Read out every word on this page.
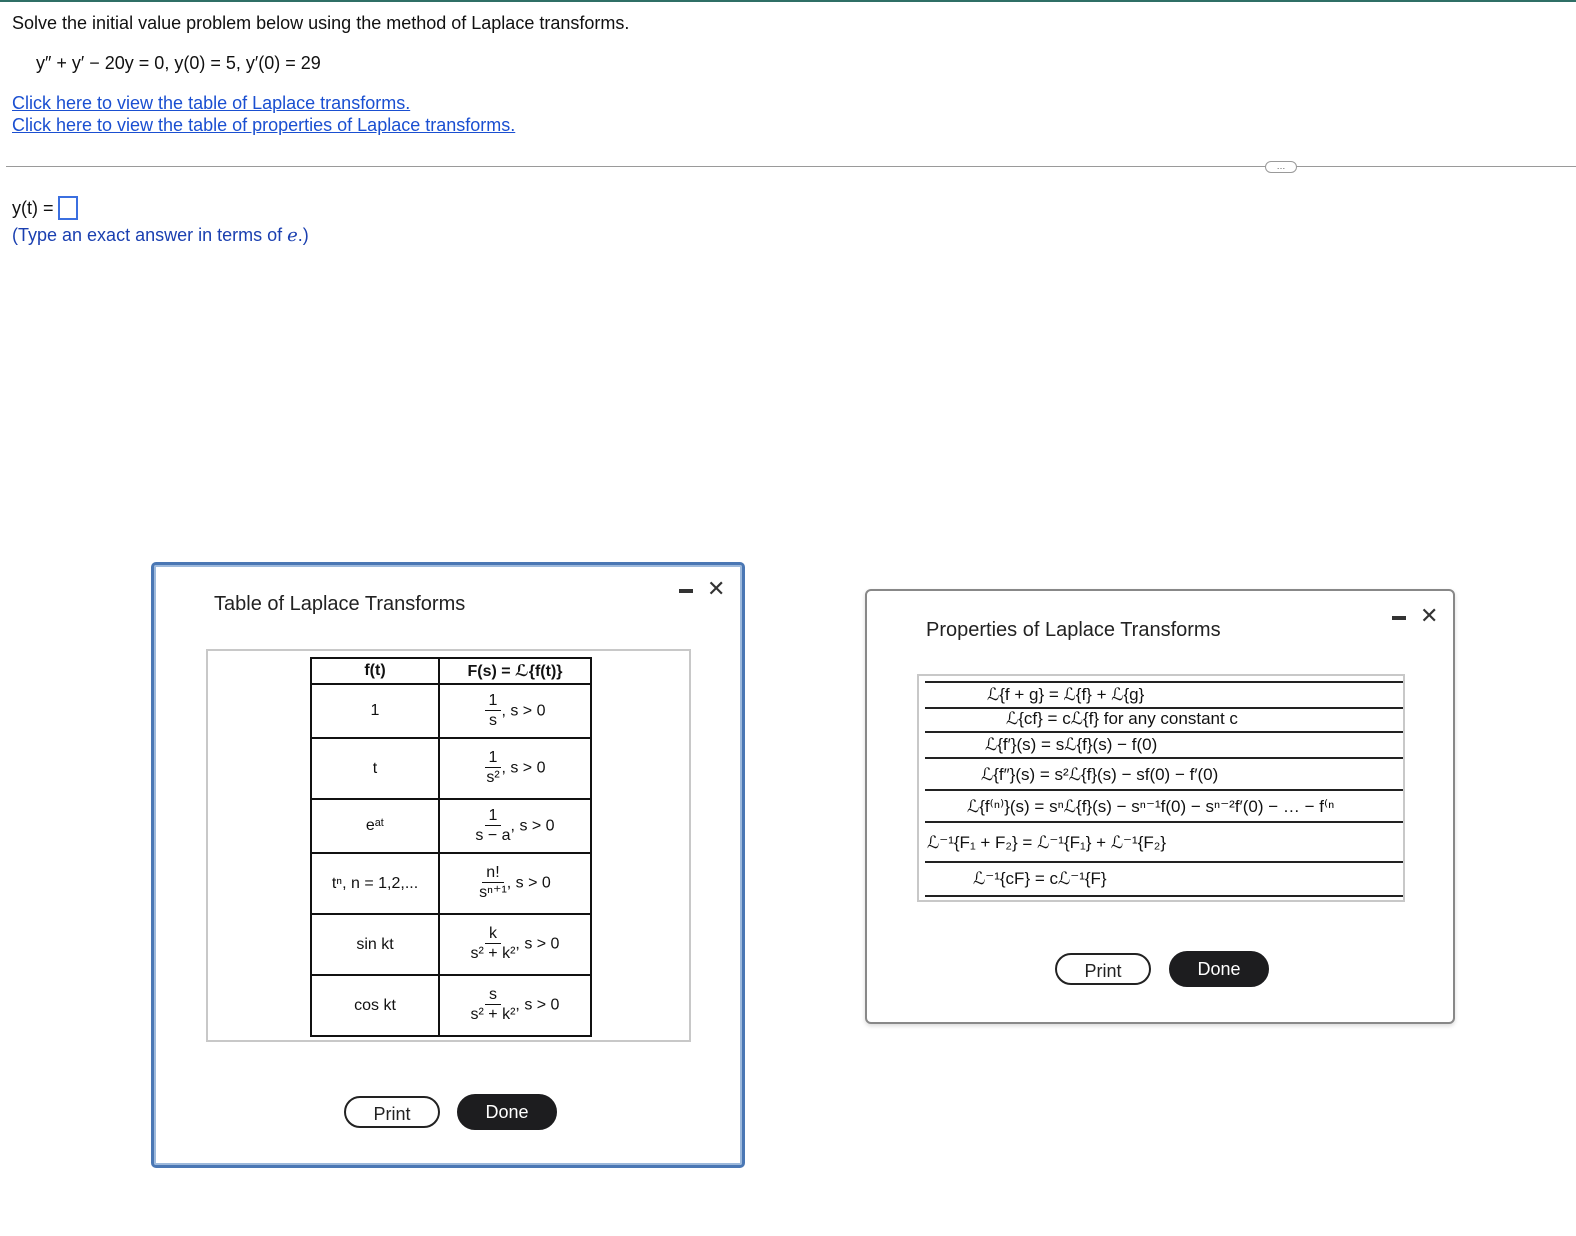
Solve the initial value problem below using the method of Laplace transforms.
y″ + y′ − 20y = 0, y(0) = 5, y′(0) = 29
Click here to view the table of Laplace transforms.
Click here to view the table of properties of Laplace transforms.
…
y(t) =
(Type an exact answer in terms of e.)
Table of Laplace Transforms
✕
f(t)	F(s) = ℒ{f(t)}
1	$\frac{1}{s}$ , s > 0
t	$\frac{1}{\text{s²}}$ , s > 0
eᵃᵗ	$\frac{1}{s - a}$ , s > 0
tⁿ, n = 1,2,...	$\frac{n!}{\text{sⁿ⁺¹}}$ , s > 0
sin kt	$\frac{k}{\text{s² + k²}}$ , s > 0
cos kt	$\frac{s}{\text{s² + k²}}$ , s > 0
Print	Done
Properties of Laplace Transforms
✕
ℒ{f + g} = ℒ{f} + ℒ{g}
ℒ{cf} = cℒ{f} for any constant c
ℒ{f′}(s) = sℒ{f}(s) − f(0)
ℒ{f″}(s) = s²ℒ{f}(s) − sf(0) − f′(0)
ℒ{f⁽ⁿ⁾}(s) = sⁿℒ{f}(s) − sⁿ⁻¹f(0) − sⁿ⁻²f′(0) − … − f⁽ⁿ
ℒ⁻¹{F₁ + F₂} = ℒ⁻¹{F₁} + ℒ⁻¹{F₂}
ℒ⁻¹{cF} = cℒ⁻¹{F}
Print	Done
